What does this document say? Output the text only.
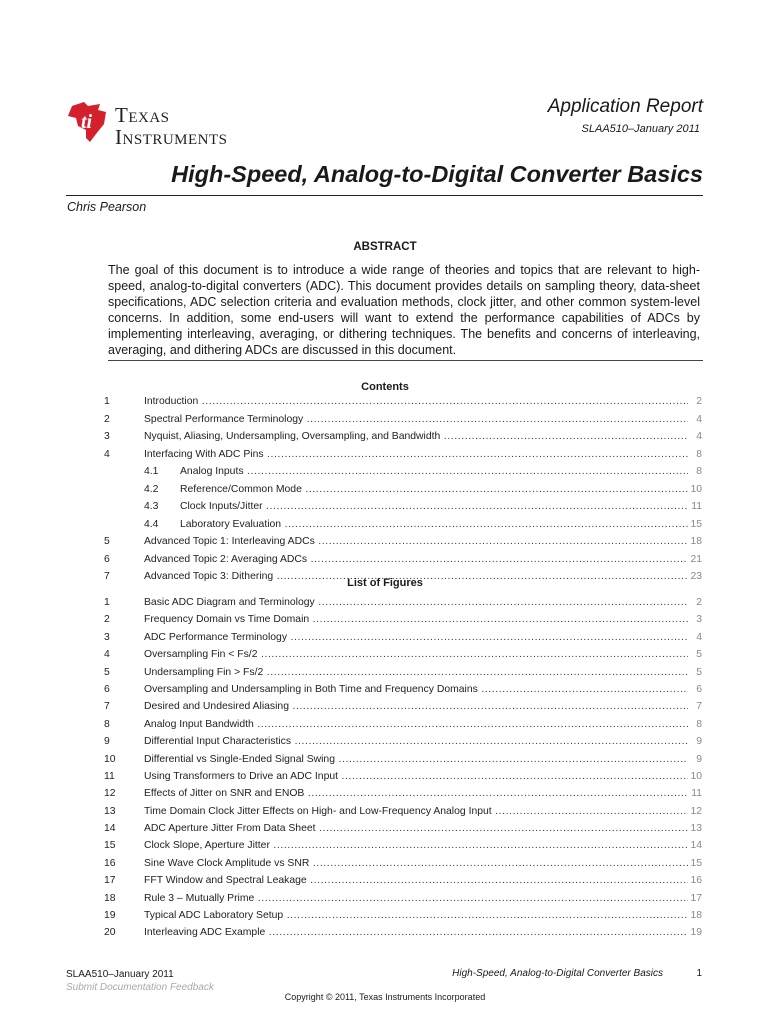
ti Texas
Instruments
Application Report
SLAA510–January 2011
High-Speed, Analog-to-Digital Converter Basics
Chris Pearson
ABSTRACT
The goal of this document is to introduce a wide range of theories and topics that are relevant to high-speed, analog-to-digital converters (ADC). This document provides details on sampling theory, data-sheet specifications, ADC selection criteria and evaluation methods, clock jitter, and other common system-level concerns. In addition, some end-users will want to extend the performance capabilities of ADCs by implementing interleaving, averaging, or dithering techniques. The benefits and concerns of interleaving, averaging, and dithering ADCs are discussed in this document.
Contents
1	Introduction .....	2
2	Spectral Performance Terminology .....	4
3	Nyquist, Aliasing, Undersampling, Oversampling, and Bandwidth .....	4
4	Interfacing With ADC Pins .....	8
4.1 Analog Inputs .....	8
4.2 Reference/Common Mode .....	10
4.3 Clock Inputs/Jitter .....	11
4.4 Laboratory Evaluation .....	15
5	Advanced Topic 1: Interleaving ADCs .....	18
6	Advanced Topic 2: Averaging ADCs .....	21
7	Advanced Topic 3: Dithering .....	23
List of Figures
1	Basic ADC Diagram and Terminology .....	2
2	Frequency Domain vs Time Domain .....	3
3	ADC Performance Terminology .....	4
4	Oversampling Fin < Fs/2 .....	5
5	Undersampling Fin > Fs/2 .....	5
6	Oversampling and Undersampling in Both Time and Frequency Domains .....	6
7	Desired and Undesired Aliasing .....	7
8	Analog Input Bandwidth .....	8
9	Differential Input Characteristics .....	9
10	Differential vs Single-Ended Signal Swing .....	9
11	Using Transformers to Drive an ADC Input .....	10
12	Effects of Jitter on SNR and ENOB .....	11
13	Time Domain Clock Jitter Effects on High- and Low-Frequency Analog Input .....	12
14	ADC Aperture Jitter From Data Sheet .....	13
15	Clock Slope, Aperture Jitter .....	14
16	Sine Wave Clock Amplitude vs SNR .....	15
17	FFT Window and Spectral Leakage .....	16
18	Rule 3 – Mutually Prime .....	17
19	Typical ADC Laboratory Setup .....	18
20	Interleaving ADC Example .....	19
SLAA510–January 2011
Submit Documentation Feedback
High-Speed, Analog-to-Digital Converter Basics	1
Copyright © 2011, Texas Instruments Incorporated
